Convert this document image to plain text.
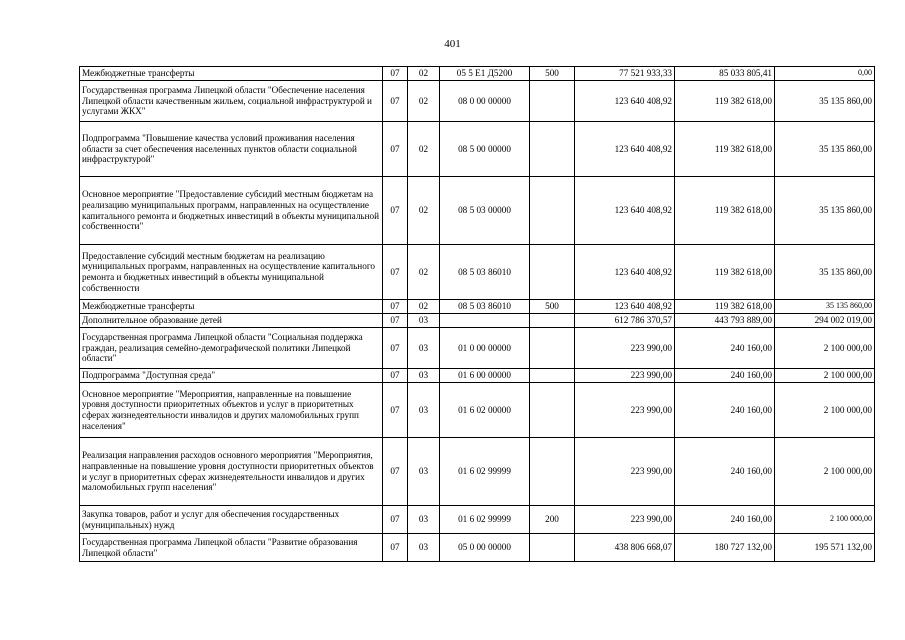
401
Межбюджетные трансферты	07	02	05 5 E1 Д5200	500	77 521 933,33	85 033 805,41	0,00
Государственная программа Липецкой области "Обеспечение населения Липецкой области качественным жильем, социальной инфраструктурой и услугами ЖКХ"	07	02	08 0 00 00000		123 640 408,92	119 382 618,00	35 135 860,00
Подпрограмма "Повышение качества условий проживания населения области за счет обеспечения населенных пунктов области социальной инфраструктурой"	07	02	08 5 00 00000		123 640 408,92	119 382 618,00	35 135 860,00
Основное мероприятие "Предоставление субсидий местным бюджетам на реализацию муниципальных программ, направленных на осуществление капитального ремонта и бюджетных инвестиций в объекты муниципальной собственности"	07	02	08 5 03 00000		123 640 408,92	119 382 618,00	35 135 860,00
Предоставление субсидий местным бюджетам на реализацию муниципальных программ, направленных на осуществление капитального ремонта и бюджетных инвестиций в объекты муниципальной собственности	07	02	08 5 03 86010		123 640 408,92	119 382 618,00	35 135 860,00
Межбюджетные трансферты	07	02	08 5 03 86010	500	123 640 408,92	119 382 618,00	35 135 860,00
Дополнительное образование детей	07	03			612 786 370,57	443 793 889,00	294 002 019,00
Государственная программа Липецкой области "Социальная поддержка граждан, реализация семейно-демографической политики Липецкой области"	07	03	01 0 00 00000		223 990,00	240 160,00	2 100 000,00
Подпрограмма "Доступная среда"	07	03	01 6 00 00000		223 990,00	240 160,00	2 100 000,00
Основное мероприятие "Мероприятия, направленные на повышение уровня доступности приоритетных объектов и услуг в приоритетных сферах жизнедеятельности инвалидов и других маломобильных групп населения"	07	03	01 6 02 00000		223 990,00	240 160,00	2 100 000,00
Реализация направления расходов основного мероприятия "Мероприятия, направленные на повышение уровня доступности приоритетных объектов и услуг в приоритетных сферах жизнедеятельности инвалидов и других маломобильных групп населения"	07	03	01 6 02 99999		223 990,00	240 160,00	2 100 000,00
Закупка товаров, работ и услуг для обеспечения государственных (муниципальных) нужд	07	03	01 6 02 99999	200	223 990,00	240 160,00	2 100 000,00
Государственная программа Липецкой области "Развитие образования Липецкой области"	07	03	05 0 00 00000		438 806 668,07	180 727 132,00	195 571 132,00
